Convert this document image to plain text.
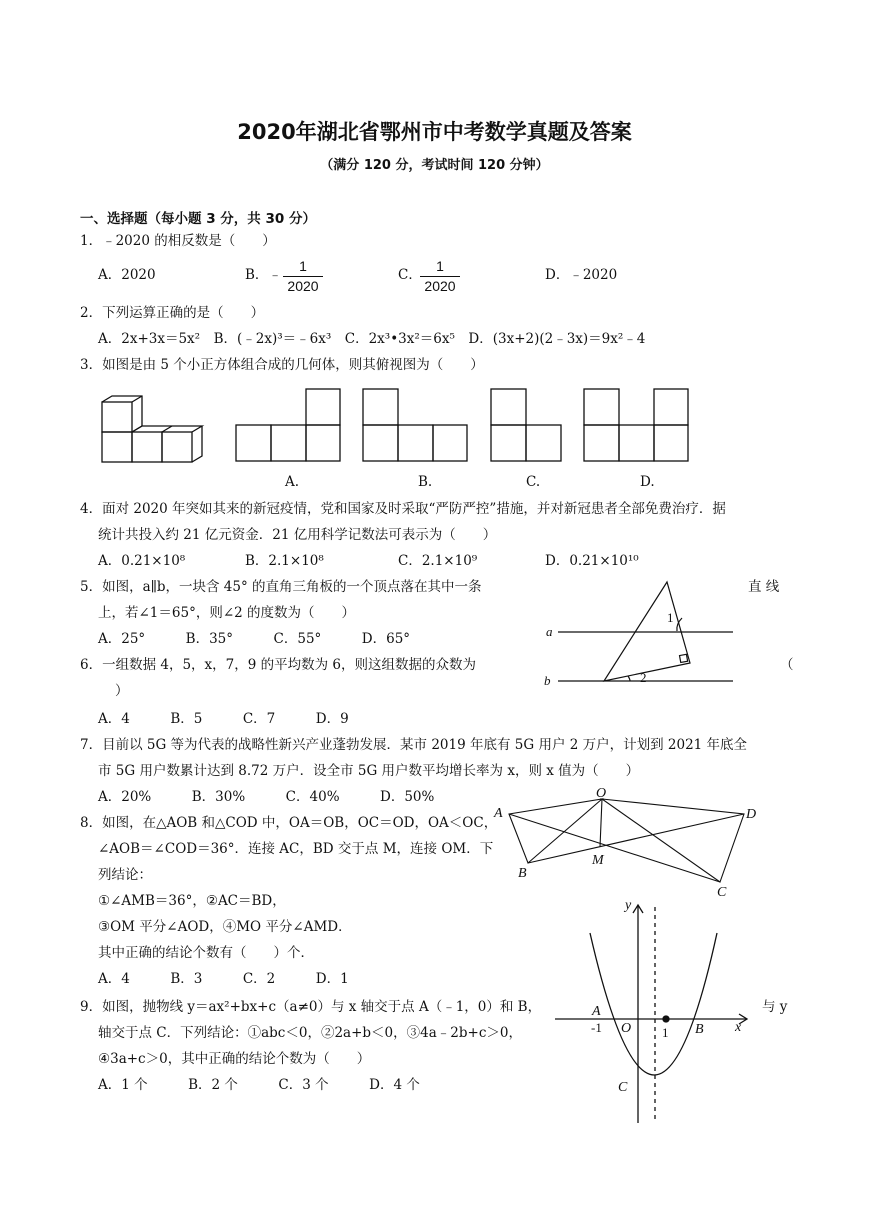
2020年湖北省鄂州市中考数学真题及答案
（满分 120 分，考试时间 120 分钟）
一、选择题（每小题 3 分，共 30 分）
1．﹣2020 的相反数是（　　）
A．2020	B．﹣
1
2020
C．
1
2020
D．﹣2020
2．下列运算正确的是（　　）
A．2x+3x＝5x²　B．(﹣2x)³＝﹣6x³　C．2x³•3x²＝6x⁵　D．(3x+2)(2﹣3x)＝9x²﹣4
3．如图是由 5 个小正方体组合成的几何体，则其俯视图为（　　）
A.	B.	C.	D.
4．面对 2020 年突如其来的新冠疫情，党和国家及时采取“严防严控”措施，并对新冠患者全部免费治疗．据
统计共投入约 21 亿元资金．21 亿用科学记数法可表示为（　　）
A．0.21×10⁸	B．2.1×10⁸	C．2.1×10⁹	D．0.21×10¹⁰
5．如图，a∥b，一块含 45° 的直角三角板的一个顶点落在其中一条	直 线
上，若∠1＝65°，则∠2 的度数为（　　）
A．25°　　　B．35°　　　C．55°　　　D．65°	a
b
1
2
6．一组数据 4，5，x，7，9 的平均数为 6，则这组数据的众数为	（
）
A．4　　　B．5　　　C．7　　　D．9
7．目前以 5G 等为代表的战略性新兴产业蓬勃发展．某市 2019 年底有 5G 用户 2 万户，计划到 2021 年底全
市 5G 用户数累计达到 8.72 万户．设全市 5G 用户数平均增长率为 x，则 x 值为（　　）
A．20%　　　B．30%　　　C．40%　　　D．50%
8．如图，在△AOB 和△COD 中，OA＝OB，OC＝OD，OA＜OC，
∠AOB＝∠COD＝36°．连接 AC，BD 交于点 M，连接 OM．下
列结论：
①∠AMB＝36°，②AC＝BD，
③OM 平分∠AOD，④MO 平分∠AMD．
其中正确的结论个数有（　　）个．
A．4　　　B．3　　　C．2　　　D．1
A
B
C
D
O
M
9．如图，抛物线 y＝ax²+bx+c（a≠0）与 x 轴交于点 A（﹣1，0）和 B，	与 y
轴交于点 C．下列结论：①abc＜0，②2a+b＜0，③4a﹣2b+c＞0，
④3a+c＞0，其中正确的结论个数为（　　）
A．1 个　　　B．2 个　　　C．3 个　　　D．4 个
y
x
A
-1 O 1 B
C
